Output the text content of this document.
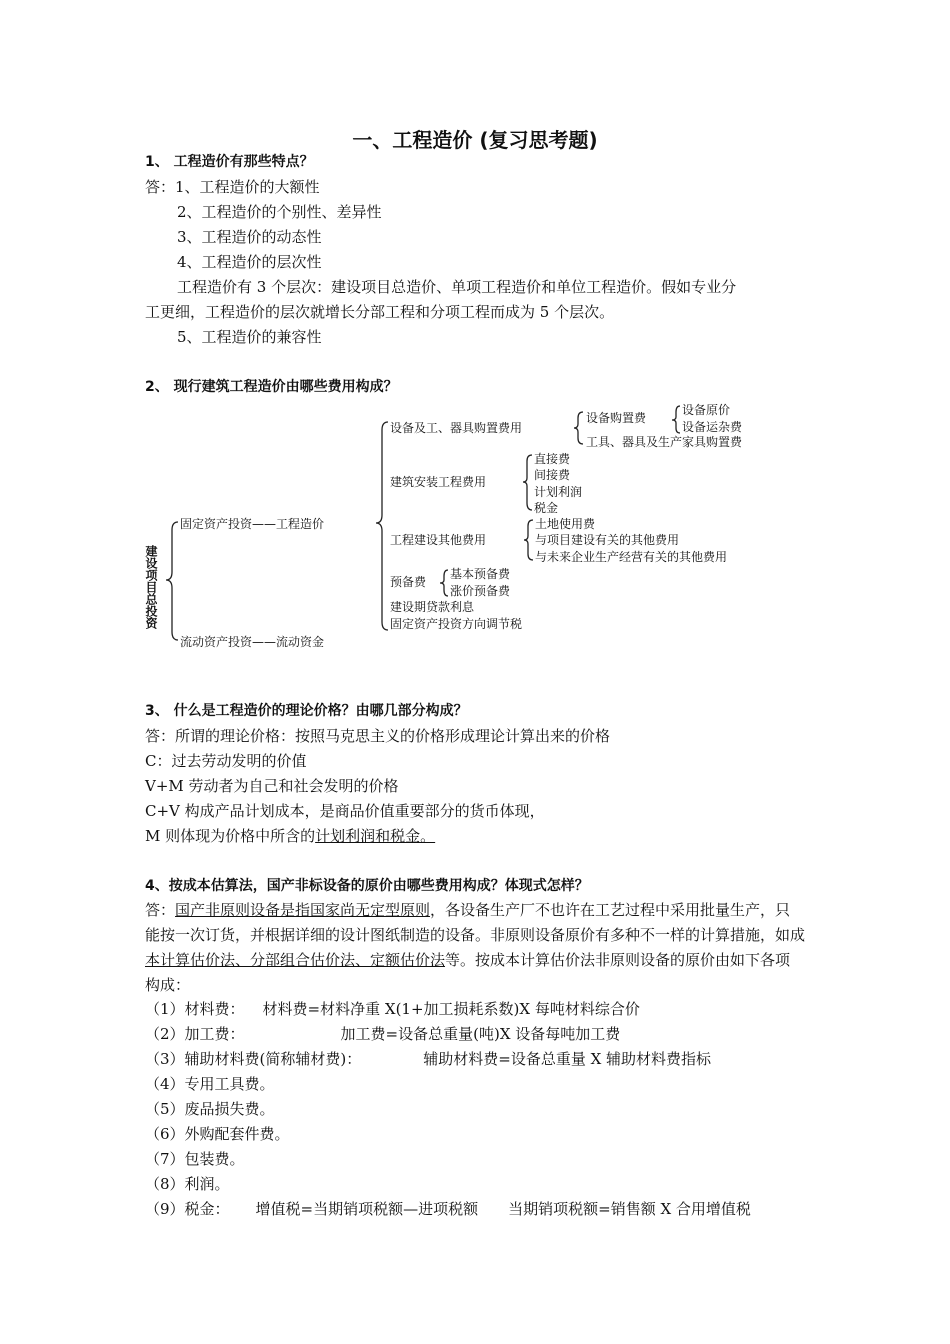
一、工程造价 (复习思考题)
1、 工程造价有那些特点？
答：1、工程造价的大额性
2、工程造价的个别性、差异性
3、工程造价的动态性
4、工程造价的层次性
工程造价有 3 个层次：建设项目总造价、单项工程造价和单位工程造价。假如专业分
工更细，工程造价的层次就增长分部工程和分项工程而成为 5 个层次。
5、工程造价的兼容性
2、 现行建筑工程造价由哪些费用构成？
建设项目总投资
固定资产投资——工程造价
流动资产投资——流动资金
设备及工、器具购置费用
设备购置费
设备原价
设备运杂费
工具、器具及生产家具购置费
建筑安装工程费用
直接费
间接费
计划利润
税金
工程建设其他费用
土地使用费
与项目建设有关的其他费用
与未来企业生产经营有关的其他费用
预备费
基本预备费
涨价预备费
建设期贷款利息
固定资产投资方向调节税
3、 什么是工程造价的理论价格？由哪几部分构成？
答：所谓的理论价格：按照马克思主义的价格形成理论计算出来的价格
C：过去劳动发明的价值
V+M 劳动者为自己和社会发明的价格
C+V 构成产品计划成本，是商品价值重要部分的货币体现，
M 则体现为价格中所含的计划利润和税金。
4、按成本估算法，国产非标设备的原价由哪些费用构成？体现式怎样？
答：国产非原则设备是指国家尚无定型原则，各设备生产厂不也许在工艺过程中采用批量生产，只能按一次订货，并根据详细的设计图纸制造的设备。非原则设备原价有多种不一样的计算措施，如成本计算估价法、分部组合估价法、定额估价法等。按成本计算估价法非原则设备的原价由如下各项构成：
（1）材料费： 材料费=材料净重 X(1+加工损耗系数)X 每吨材料综合价
（2）加工费：	加工费=设备总重量(吨)X 设备每吨加工费
（3）辅助材料费(简称辅材费)：	辅助材料费=设备总重量 X 辅助材料费指标
（4）专用工具费。
（5）废品损失费。
（6）外购配套件费。
（7）包装费。
（8）利润。
（9）税金： 增值税=当期销项税额—进项税额 当期销项税额=销售额 X 合用增值税
